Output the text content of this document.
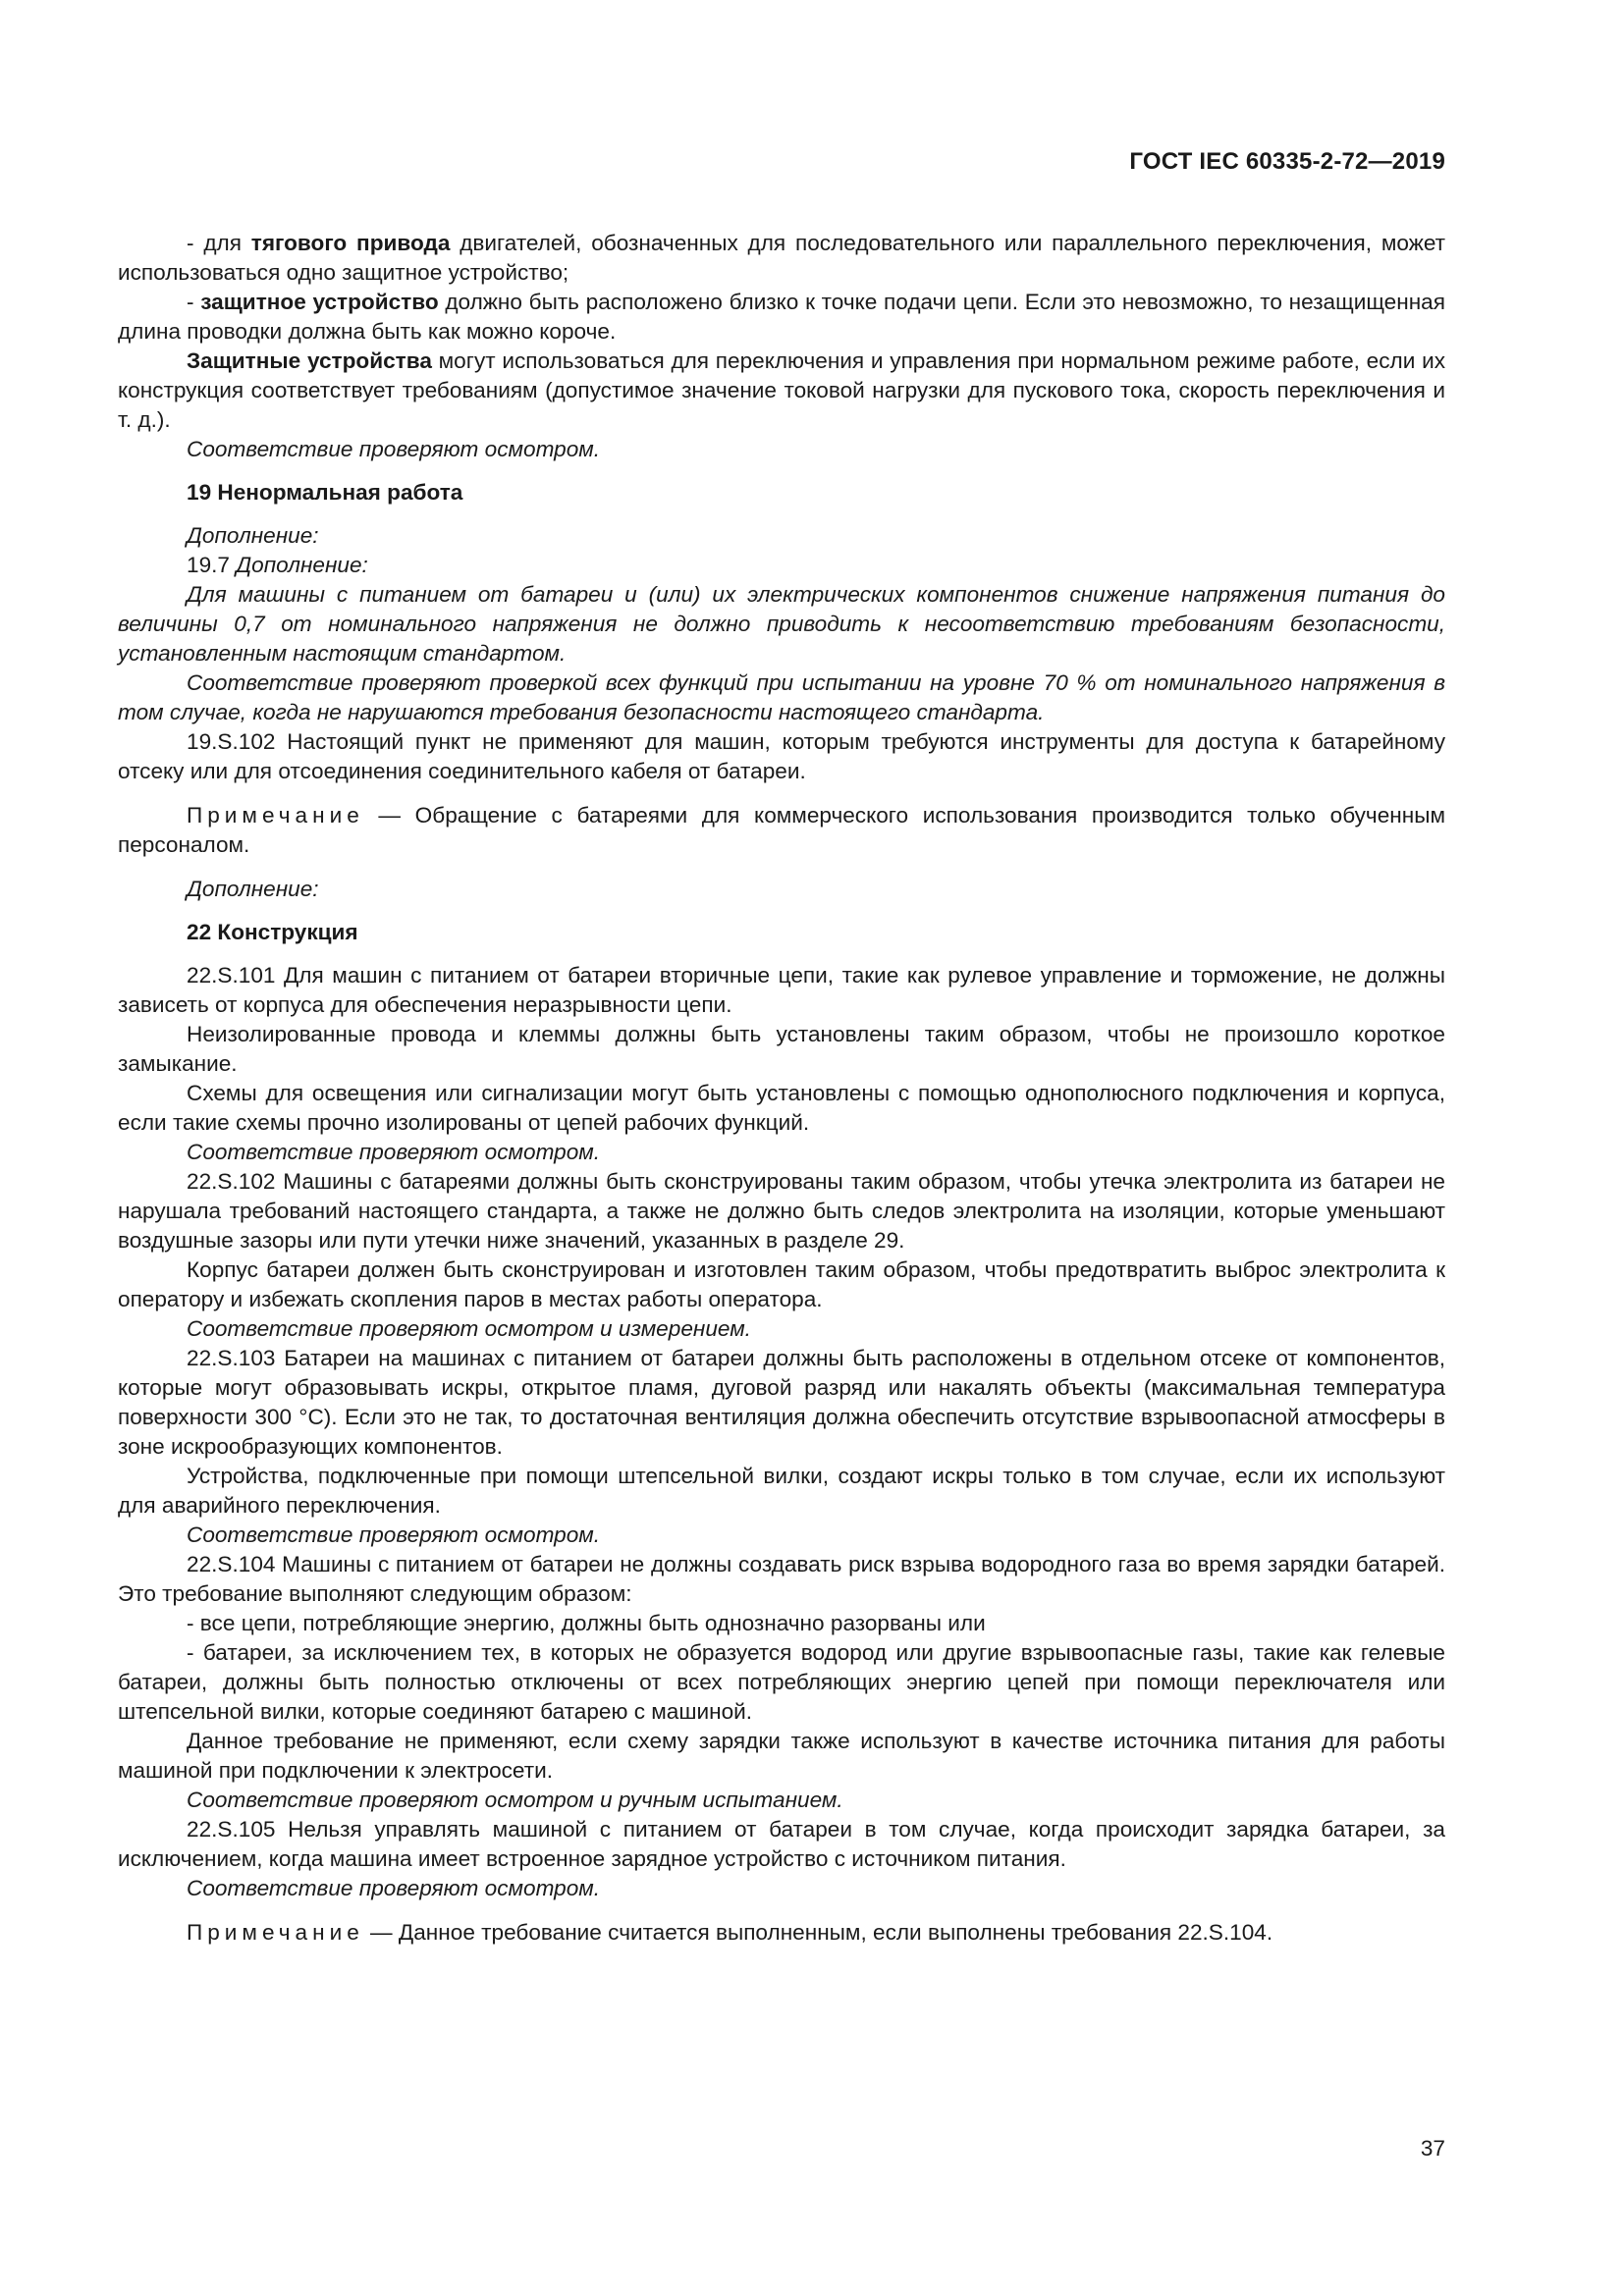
ГОСТ IEC 60335-2-72—2019

- для тягового привода двигателей, обозначенных для последовательного или параллельного переключения, может использоваться одно защитное устройство;

- защитное устройство должно быть расположено близко к точке подачи цепи. Если это невозможно, то незащищенная длина проводки должна быть как можно короче.

Защитные устройства могут использоваться для переключения и управления при нормальном режиме работе, если их конструкция соответствует требованиям (допустимое значение токовой нагрузки для пускового тока, скорость переключения и т. д.).

Соответствие проверяют осмотром.

19 Ненормальная работа

Дополнение:

19.7 Дополнение:

Для машины с питанием от батареи и (или) их электрических компонентов снижение напряжения питания до величины 0,7 от номинального напряжения не должно приводить к несоответствию требованиям безопасности, установленным настоящим стандартом.

Соответствие проверяют проверкой всех функций при испытании на уровне 70 % от номинального напряжения в том случае, когда не нарушаются требования безопасности настоящего стандарта.

19.S.102 Настоящий пункт не применяют для машин, которым требуются инструменты для доступа к батарейному отсеку или для отсоединения соединительного кабеля от батареи.

Примечание — Обращение с батареями для коммерческого использования производится только обученным персоналом.

Дополнение:

22 Конструкция

22.S.101 Для машин с питанием от батареи вторичные цепи, такие как рулевое управление и торможение, не должны зависеть от корпуса для обеспечения неразрывности цепи.

Неизолированные провода и клеммы должны быть установлены таким образом, чтобы не произошло короткое замыкание.

Схемы для освещения или сигнализации могут быть установлены с помощью однополюсного подключения и корпуса, если такие схемы прочно изолированы от цепей рабочих функций.

Соответствие проверяют осмотром.

22.S.102 Машины с батареями должны быть сконструированы таким образом, чтобы утечка электролита из батареи не нарушала требований настоящего стандарта, а также не должно быть следов электролита на изоляции, которые уменьшают воздушные зазоры или пути утечки ниже значений, указанных в разделе 29.

Корпус батареи должен быть сконструирован и изготовлен таким образом, чтобы предотвратить выброс электролита к оператору и избежать скопления паров в местах работы оператора.

Соответствие проверяют осмотром и измерением.

22.S.103 Батареи на машинах с питанием от батареи должны быть расположены в отдельном отсеке от компонентов, которые могут образовывать искры, открытое пламя, дуговой разряд или накалять объекты (максимальная температура поверхности 300 °С). Если это не так, то достаточная вентиляция должна обеспечить отсутствие взрывоопасной атмосферы в зоне искрообразующих компонентов.

Устройства, подключенные при помощи штепсельной вилки, создают искры только в том случае, если их используют для аварийного переключения.

Соответствие проверяют осмотром.

22.S.104 Машины с питанием от батареи не должны создавать риск взрыва водородного газа во время зарядки батарей. Это требование выполняют следующим образом:

- все цепи, потребляющие энергию, должны быть однозначно разорваны или

- батареи, за исключением тех, в которых не образуется водород или другие взрывоопасные газы, такие как гелевые батареи, должны быть полностью отключены от всех потребляющих энергию цепей при помощи переключателя или штепсельной вилки, которые соединяют батарею с машиной.

Данное требование не применяют, если схему зарядки также используют в качестве источника питания для работы машиной при подключении к электросети.

Соответствие проверяют осмотром и ручным испытанием.

22.S.105 Нельзя управлять машиной с питанием от батареи в том случае, когда происходит зарядка батареи, за исключением, когда машина имеет встроенное зарядное устройство с источником питания.

Соответствие проверяют осмотром.

Примечание — Данное требование считается выполненным, если выполнены требования 22.S.104.

37
